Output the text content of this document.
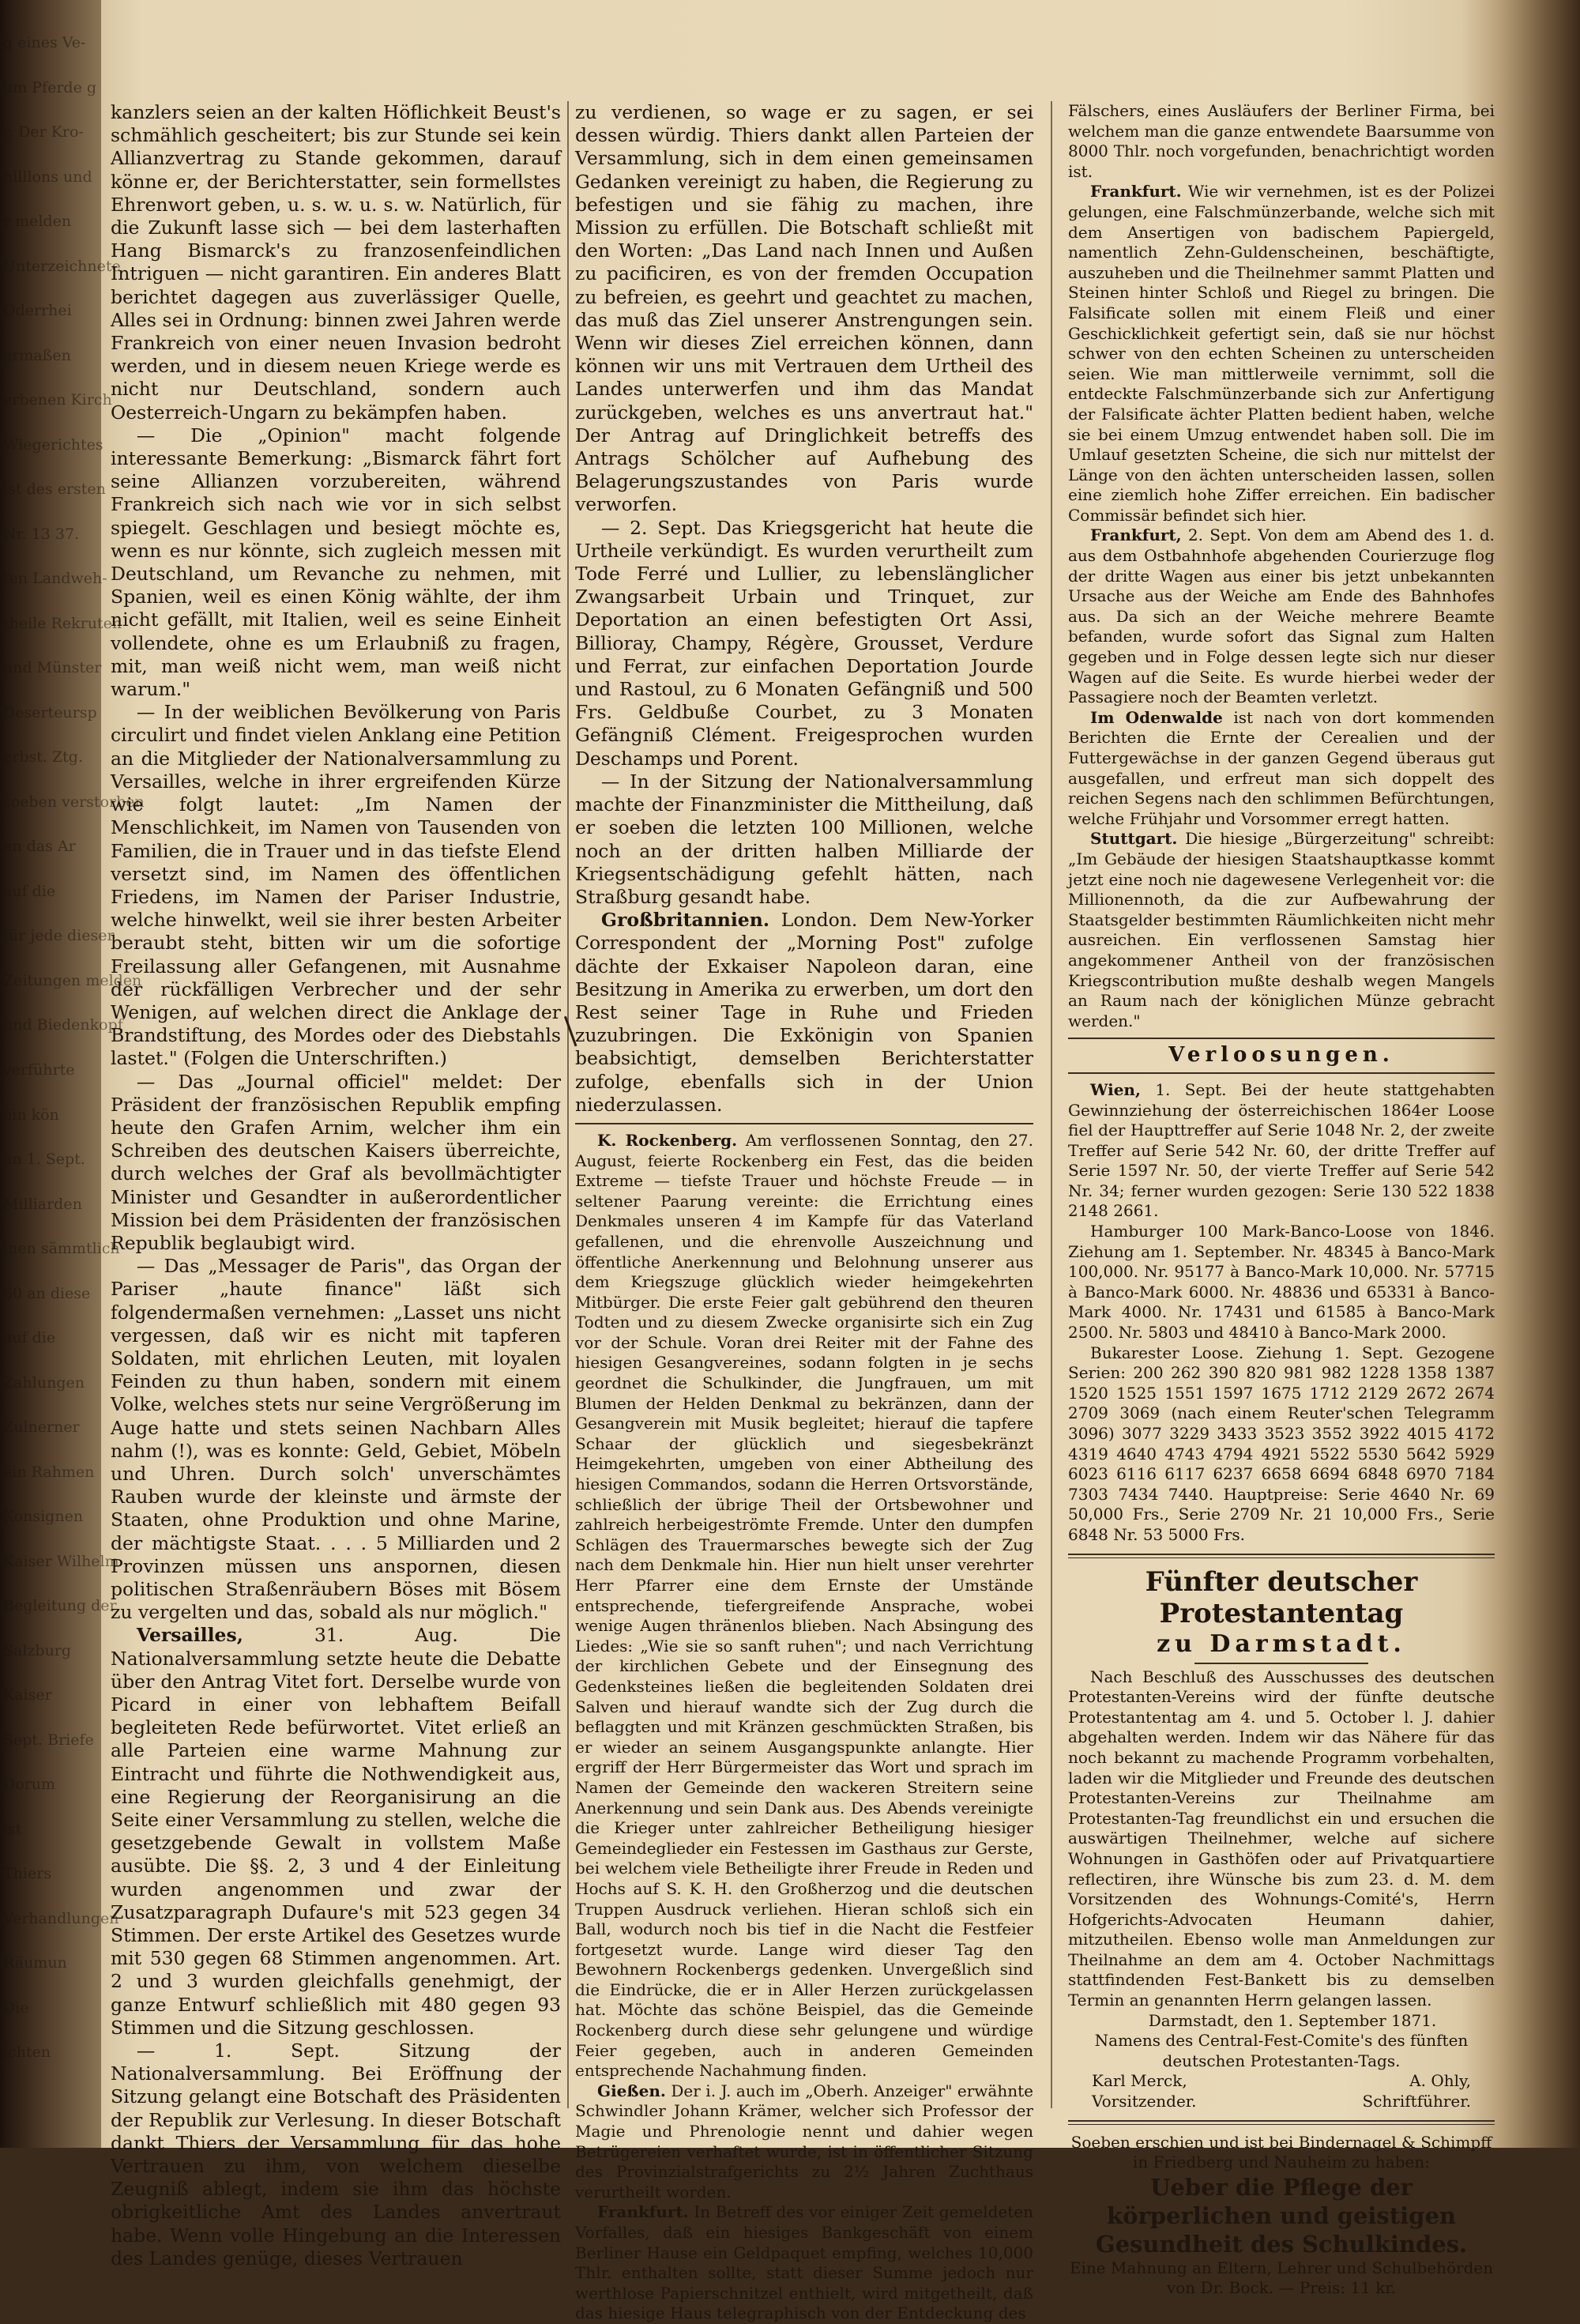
g eines Ve-
um Pferde g
r. Der Kro-
nllllons und
r melden
Unterzeichnete
Oderrhei
ermaßen
erbenen Kirch
Wiegerichtes
ist des ersten
Nr. 13 37.
ten Landweh-
theile Rekruten
und Münster
Deserteursp
erbst. Ztg.
soeben verstorben
an das Ar
auf die
für jede dieser
Zeitungen melden
und Biedenkopf
verführte
ein kön
an 1. Sept.
Milliarden
inen sämmtlich
60 an diese
auf die
Zahlungen
Zulnerner
ein Rahmen
Konsignen
Kaiser Wilhelm
Begleitung der
Salzburg
Kaiser
Sept. Briefe
Dorum
ist
Thiers
Verhandlungen
Räumun
Die
ichten

kanzlers seien an der kalten Höflichkeit Beust's schmählich gescheitert; bis zur Stunde sei kein Allianzvertrag zu Stande gekommen, darauf könne er, der Berichterstatter, sein formellstes Ehrenwort geben, u. s. w. u. s. w. Natürlich, für die Zukunft lasse sich — bei dem lasterhaften Hang Bismarck's zu franzosenfeindlichen Intriguen — nicht garantiren. Ein anderes Blatt berichtet dagegen aus zuverlässiger Quelle, Alles sei in Ordnung: binnen zwei Jahren werde Frankreich von einer neuen Invasion bedroht werden, und in diesem neuen Kriege werde es nicht nur Deutschland, sondern auch Oesterreich-Ungarn zu bekämpfen haben.

— Die „Opinion" macht folgende interessante Bemerkung: „Bismarck fährt fort seine Allianzen vorzubereiten, während Frankreich sich nach wie vor in sich selbst spiegelt. Geschlagen und besiegt möchte es, wenn es nur könnte, sich zugleich messen mit Deutschland, um Revanche zu nehmen, mit Spanien, weil es einen König wählte, der ihm nicht gefällt, mit Italien, weil es seine Einheit vollendete, ohne es um Erlaubniß zu fragen, mit, man weiß nicht wem, man weiß nicht warum."

— In der weiblichen Bevölkerung von Paris circulirt und findet vielen Anklang eine Petition an die Mitglieder der Nationalversammlung zu Versailles, welche in ihrer ergreifenden Kürze wie folgt lautet: „Im Namen der Menschlichkeit, im Namen von Tausenden von Familien, die in Trauer und in das tiefste Elend versetzt sind, im Namen des öffentlichen Friedens, im Namen der Pariser Industrie, welche hinwelkt, weil sie ihrer besten Arbeiter beraubt steht, bitten wir um die sofortige Freilassung aller Gefangenen, mit Ausnahme der rückfälligen Verbrecher und der sehr Wenigen, auf welchen direct die Anklage der Brandstiftung, des Mordes oder des Diebstahls lastet." (Folgen die Unterschriften.)

— Das „Journal officiel" meldet: Der Präsident der französischen Republik empfing heute den Grafen Arnim, welcher ihm ein Schreiben des deutschen Kaisers überreichte, durch welches der Graf als bevollmächtigter Minister und Gesandter in außerordentlicher Mission bei dem Präsidenten der französischen Republik beglaubigt wird.

— Das „Messager de Paris", das Organ der Pariser „haute finance" läßt sich folgendermaßen vernehmen: „Lasset uns nicht vergessen, daß wir es nicht mit tapferen Soldaten, mit ehrlichen Leuten, mit loyalen Feinden zu thun haben, sondern mit einem Volke, welches stets nur seine Vergrößerung im Auge hatte und stets seinen Nachbarn Alles nahm (!), was es konnte: Geld, Gebiet, Möbeln und Uhren. Durch solch' unverschämtes Rauben wurde der kleinste und ärmste der Staaten, ohne Produktion und ohne Marine, der mächtigste Staat. . . . 5 Milliarden und 2 Provinzen müssen uns anspornen, diesen politischen Straßenräubern Böses mit Bösem zu vergelten und das, sobald als nur möglich."

Versailles, 31. Aug. Die Nationalversammlung setzte heute die Debatte über den Antrag Vitet fort. Derselbe wurde von Picard in einer von lebhaftem Beifall begleiteten Rede befürwortet. Vitet erließ an alle Parteien eine warme Mahnung zur Eintracht und führte die Nothwendigkeit aus, eine Regierung der Reorganisirung an die Seite einer Versammlung zu stellen, welche die gesetzgebende Gewalt in vollstem Maße ausübte. Die §§. 2, 3 und 4 der Einleitung wurden angenommen und zwar der Zusatzparagraph Dufaure's mit 523 gegen 34 Stimmen. Der erste Artikel des Gesetzes wurde mit 530 gegen 68 Stimmen angenommen. Art. 2 und 3 wurden gleichfalls genehmigt, der ganze Entwurf schließlich mit 480 gegen 93 Stimmen und die Sitzung geschlossen.

— 1. Sept. Sitzung der Nationalversammlung. Bei Eröffnung der Sitzung gelangt eine Botschaft des Präsidenten der Republik zur Verlesung. In dieser Botschaft dankt Thiers der Versammlung für das hohe Vertrauen zu ihm, von welchem dieselbe Zeugniß ablegt, indem sie ihm das höchste obrigkeitliche Amt des Landes anvertraut habe. Wenn volle Hingebung an die Interessen des Landes genüge, dieses Vertrauen

zu verdienen, so wage er zu sagen, er sei dessen würdig. Thiers dankt allen Parteien der Versammlung, sich in dem einen gemeinsamen Gedanken vereinigt zu haben, die Regierung zu befestigen und sie fähig zu machen, ihre Mission zu erfüllen. Die Botschaft schließt mit den Worten: „Das Land nach Innen und Außen zu pacificiren, es von der fremden Occupation zu befreien, es geehrt und geachtet zu machen, das muß das Ziel unserer Anstrengungen sein. Wenn wir dieses Ziel erreichen können, dann können wir uns mit Vertrauen dem Urtheil des Landes unterwerfen und ihm das Mandat zurückgeben, welches es uns anvertraut hat." Der Antrag auf Dringlichkeit betreffs des Antrags Schölcher auf Aufhebung des Belagerungszustandes von Paris wurde verworfen.

— 2. Sept. Das Kriegsgericht hat heute die Urtheile verkündigt. Es wurden verurtheilt zum Tode Ferré und Lullier, zu lebenslänglicher Zwangsarbeit Urbain und Trinquet, zur Deportation an einen befestigten Ort Assi, Billioray, Champy, Régère, Grousset, Verdure und Ferrat, zur einfachen Deportation Jourde und Rastoul, zu 6 Monaten Gefängniß und 500 Frs. Geldbuße Courbet, zu 3 Monaten Gefängniß Clément. Freigesprochen wurden Deschamps und Porent.

— In der Sitzung der Nationalversammlung machte der Finanzminister die Mittheilung, daß er soeben die letzten 100 Millionen, welche noch an der dritten halben Milliarde der Kriegsentschädigung gefehlt hätten, nach Straßburg gesandt habe.

Großbritannien. London. Dem New-Yorker Correspondent der „Morning Post" zufolge dächte der Exkaiser Napoleon daran, eine Besitzung in Amerika zu erwerben, um dort den Rest seiner Tage in Ruhe und Frieden zuzubringen. Die Exkönigin von Spanien beabsichtigt, demselben Berichterstatter zufolge, ebenfalls sich in der Union niederzulassen.

K. Rockenberg. Am verflossenen Sonntag, den 27. August, feierte Rockenberg ein Fest, das die beiden Extreme — tiefste Trauer und höchste Freude — in seltener Paarung vereinte: die Errichtung eines Denkmales unseren 4 im Kampfe für das Vaterland gefallenen, und die ehrenvolle Auszeichnung und öffentliche Anerkennung und Belohnung unserer aus dem Kriegszuge glücklich wieder heimgekehrten Mitbürger. Die erste Feier galt gebührend den theuren Todten und zu diesem Zwecke organisirte sich ein Zug vor der Schule. Voran drei Reiter mit der Fahne des hiesigen Gesangvereines, sodann folgten in je sechs geordnet die Schulkinder, die Jungfrauen, um mit Blumen der Helden Denkmal zu bekränzen, dann der Gesangverein mit Musik begleitet; hierauf die tapfere Schaar der glücklich und siegesbekränzt Heimgekehrten, umgeben von einer Abtheilung des hiesigen Commandos, sodann die Herren Ortsvorstände, schließlich der übrige Theil der Ortsbewohner und zahlreich herbeigeströmte Fremde. Unter den dumpfen Schlägen des Trauermarsches bewegte sich der Zug nach dem Denkmale hin. Hier nun hielt unser verehrter Herr Pfarrer eine dem Ernste der Umstände entsprechende, tiefergreifende Ansprache, wobei wenige Augen thränenlos blieben. Nach Absingung des Liedes: „Wie sie so sanft ruhen"; und nach Verrichtung der kirchlichen Gebete und der Einsegnung des Gedenksteines ließen die begleitenden Soldaten drei Salven und hierauf wandte sich der Zug durch die beflaggten und mit Kränzen geschmückten Straßen, bis er wieder an seinem Ausgangspunkte anlangte. Hier ergriff der Herr Bürgermeister das Wort und sprach im Namen der Gemeinde den wackeren Streitern seine Anerkennung und sein Dank aus. Des Abends vereinigte die Krieger unter zahlreicher Betheiligung hiesiger Gemeindeglieder ein Festessen im Gasthaus zur Gerste, bei welchem viele Betheiligte ihrer Freude in Reden und Hochs auf S. K. H. den Großherzog und die deutschen Truppen Ausdruck verliehen. Hieran schloß sich ein Ball, wodurch noch bis tief in die Nacht die Festfeier fortgesetzt wurde. Lange wird dieser Tag den Bewohnern Rockenbergs gedenken. Unvergeßlich sind die Eindrücke, die er in Aller Herzen zurückgelassen hat. Möchte das schöne Beispiel, das die Gemeinde Rockenberg durch diese sehr gelungene und würdige Feier gegeben, auch in anderen Gemeinden entsprechende Nachahmung finden.

Gießen. Der i. J. auch im „Oberh. Anzeiger" erwähnte Schwindler Johann Krämer, welcher sich Professor der Magie und Phrenologie nennt und dahier wegen Betrügereien verhaftet wurde, ist in öffentlicher Sitzung des Provinzialstrafgerichts zu 2½ Jahren Zuchthaus verurtheilt worden.

Frankfurt. In Betreff des vor einiger Zeit gemeldeten Vorfalles, daß ein hiesiges Bankgeschäft von einem Berliner Hause ein Geldpaquet empfing, welches 10,000 Thlr. enthalten sollte, statt dieser Summe jedoch nur werthlose Papierschnitzel enthielt, wird mitgetheilt, daß das hiesige Haus telegraphisch von der Entdeckung des

Fälschers, eines Ausläufers der Berliner Firma, bei welchem man die ganze entwendete Baarsumme von 8000 Thlr. noch vorgefunden, benachrichtigt worden ist.

Frankfurt. Wie wir vernehmen, ist es der Polizei gelungen, eine Falschmünzerbande, welche sich mit dem Ansertigen von badischem Papiergeld, namentlich Zehn-Guldenscheinen, beschäftigte, auszuheben und die Theilnehmer sammt Platten und Steinen hinter Schloß und Riegel zu bringen. Die Falsificate sollen mit einem Fleiß und einer Geschicklichkeit gefertigt sein, daß sie nur höchst schwer von den echten Scheinen zu unterscheiden seien. Wie man mittlerweile vernimmt, soll die entdeckte Falschmünzerbande sich zur Anfertigung der Falsificate ächter Platten bedient haben, welche sie bei einem Umzug entwendet haben soll. Die im Umlauf gesetzten Scheine, die sich nur mittelst der Länge von den ächten unterscheiden lassen, sollen eine ziemlich hohe Ziffer erreichen. Ein badischer Commissär befindet sich hier.

Frankfurt, 2. Sept. Von dem am Abend des 1. d. aus dem Ostbahnhofe abgehenden Courierzuge flog der dritte Wagen aus einer bis jetzt unbekannten Ursache aus der Weiche am Ende des Bahnhofes aus. Da sich an der Weiche mehrere Beamte befanden, wurde sofort das Signal zum Halten gegeben und in Folge dessen legte sich nur dieser Wagen auf die Seite. Es wurde hierbei weder der Passagiere noch der Beamten verletzt.

Im Odenwalde ist nach von dort kommenden Berichten die Ernte der Cerealien und der Futtergewächse in der ganzen Gegend überaus gut ausgefallen, und erfreut man sich doppelt des reichen Segens nach den schlimmen Befürchtungen, welche Frühjahr und Vorsommer erregt hatten.

Stuttgart. Die hiesige „Bürgerzeitung" schreibt: „Im Gebäude der hiesigen Staatshauptkasse kommt jetzt eine noch nie dagewesene Verlegenheit vor: die Millionennoth, da die zur Aufbewahrung der Staatsgelder bestimmten Räumlichkeiten nicht mehr ausreichen. Ein verflossenen Samstag hier angekommener Antheil von der französischen Kriegscontribution mußte deshalb wegen Mangels an Raum nach der königlichen Münze gebracht werden."

Verloosungen.

Wien, 1. Sept. Bei der heute stattgehabten Gewinnziehung der österreichischen 1864er Loose fiel der Haupttreffer auf Serie 1048 Nr. 2, der zweite Treffer auf Serie 542 Nr. 60, der dritte Treffer auf Serie 1597 Nr. 50, der vierte Treffer auf Serie 542 Nr. 34; ferner wurden gezogen: Serie 130 522 1838 2148 2661.

Hamburger 100 Mark-Banco-Loose von 1846. Ziehung am 1. September. Nr. 48345 à Banco-Mark 100,000. Nr. 95177 à Banco-Mark 10,000. Nr. 57715 à Banco-Mark 6000. Nr. 48836 und 65331 à Banco-Mark 4000. Nr. 17431 und 61585 à Banco-Mark 2500. Nr. 5803 und 48410 à Banco-Mark 2000.

Bukarester Loose. Ziehung 1. Sept. Gezogene Serien: 200 262 390 820 981 982 1228 1358 1387 1520 1525 1551 1597 1675 1712 2129 2672 2674 2709 3069 (nach einem Reuter'schen Telegramm 3096) 3077 3229 3433 3523 3552 3922 4015 4172 4319 4640 4743 4794 4921 5522 5530 5642 5929 6023 6116 6117 6237 6658 6694 6848 6970 7184 7303 7434 7440. Hauptpreise: Serie 4640 Nr. 69 50,000 Frs., Serie 2709 Nr. 21 10,000 Frs., Serie 6848 Nr. 53 5000 Frs.

Fünfter deutscher Protestantentag
zu Darmstadt.

Nach Beschluß des Ausschusses des deutschen Protestanten-Vereins wird der fünfte deutsche Protestantentag am 4. und 5. October l. J. dahier abgehalten werden. Indem wir das Nähere für das noch bekannt zu machende Programm vorbehalten, laden wir die Mitglieder und Freunde des deutschen Protestanten-Vereins zur Theilnahme am Protestanten-Tag freundlichst ein und ersuchen die auswärtigen Theilnehmer, welche auf sichere Wohnungen in Gasthöfen oder auf Privatquartiere reflectiren, ihre Wünsche bis zum 23. d. M. dem Vorsitzenden des Wohnungs-Comité's, Herrn Hofgerichts-Advocaten Heumann dahier, mitzutheilen. Ebenso wolle man Anmeldungen zur Theilnahme an dem am 4. October Nachmittags stattfindenden Fest-Bankett bis zu demselben Termin an genannten Herrn gelangen lassen.

Darmstadt, den 1. September 1871.

Namens des Central-Fest-Comite's des fünften deutschen Protestanten-Tags.

Karl Merck,	A. Ohly,
Vorsitzender.	Schriftführer.

Soeben erschien und ist bei Bindernagel & Schimpff in Friedberg und Nauheim zu haben:

Ueber die Pflege der körperlichen und geistigen Gesundheit des Schulkindes.

Eine Mahnung an Eltern, Lehrer und Schulbehörden von Dr. Bock. — Preis: 11 kr.
